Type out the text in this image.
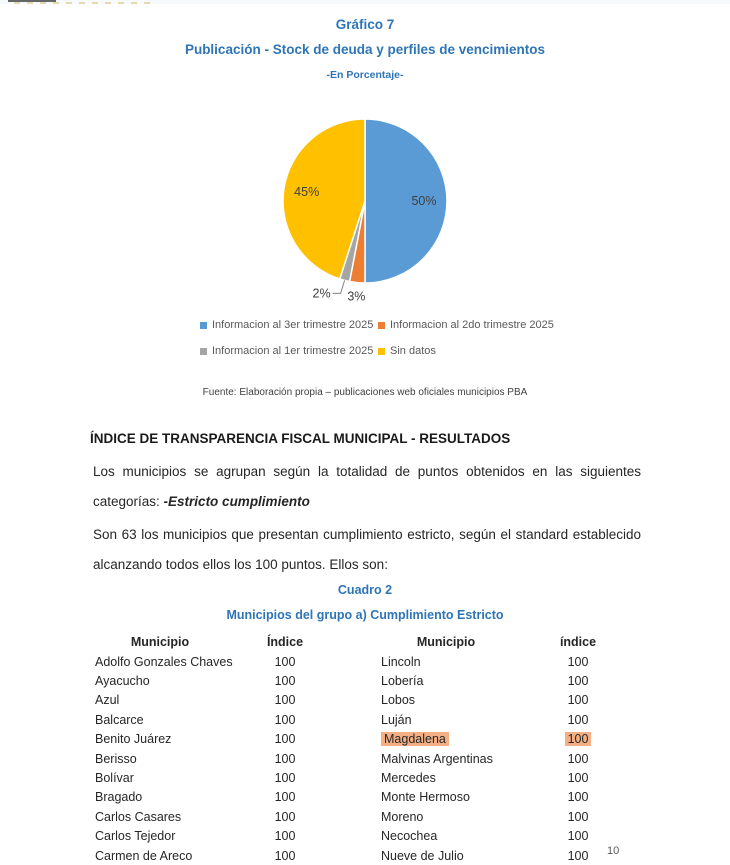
Gráfico 7
Publicación - Stock de deuda y perfiles de vencimientos
-En Porcentaje-
50%
3%
2%
45%
Informacion al 3er trimestre 2025 Informacion al 2do trimestre 2025
Informacion al 1er trimestre 2025 Sin datos
Fuente: Elaboración propia – publicaciones web oficiales municipios PBA
ÍNDICE DE TRANSPARENCIA FISCAL MUNICIPAL - RESULTADOS

Los municipios se agrupan según la totalidad de puntos obtenidos en las siguientes categorías: -Estricto cumplimiento

Son 63 los municipios que presentan cumplimiento estricto, según el standard establecido alcanzando todos ellos los 100 puntos. Ellos son:

Cuadro 2
Municipios del grupo a) Cumplimiento Estricto
Municipio	Índice	Municipio	índice
Adolfo Gonzales Chaves	100	Lincoln	100
Ayacucho	100	Lobería	100
Azul	100	Lobos	100
Balcarce	100	Luján	100
Benito Juárez	100	Magdalena	100
Berisso	100	Malvinas Argentinas	100
Bolívar	100	Mercedes	100
Bragado	100	Monte Hermoso	100
Carlos Casares	100	Moreno	100
Carlos Tejedor	100	Necochea	100
Carmen de Areco	100	Nueve de Julio	100	10
